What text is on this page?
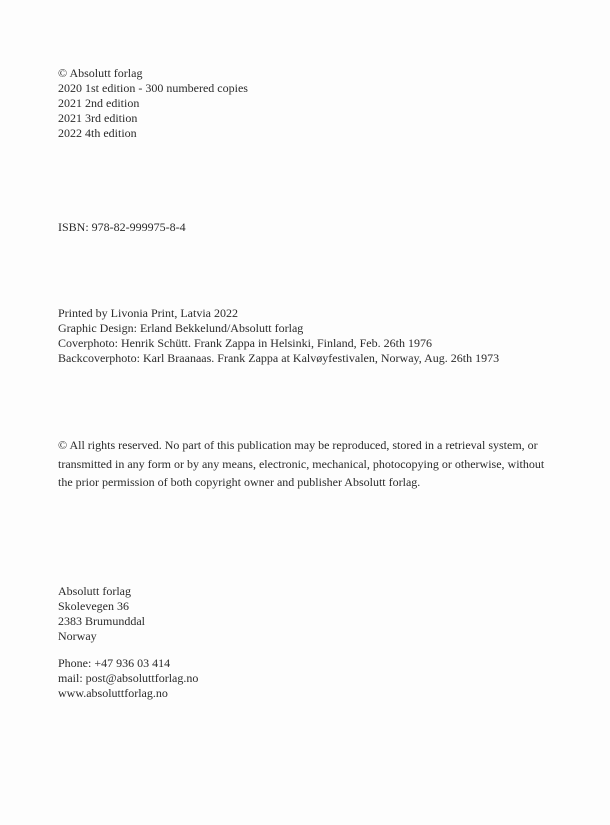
© Absolutt forlag
2020 1st edition - 300 numbered copies
2021 2nd edition
2021 3rd edition
2022 4th edition
ISBN: 978-82-999975-8-4
Printed by Livonia Print, Latvia 2022
Graphic Design: Erland Bekkelund/Absolutt forlag
Coverphoto: Henrik Schütt. Frank Zappa in Helsinki, Finland, Feb. 26th 1976
Backcoverphoto: Karl Braanaas. Frank Zappa at Kalvøyfestivalen, Norway, Aug. 26th 1973
© All rights reserved. No part of this publication may be reproduced, stored in a retrieval system, or
transmitted in any form or by any means, electronic, mechanical, photocopying or otherwise, without
the prior permission of both copyright owner and publisher Absolutt forlag.
Absolutt forlag
Skolevegen 36
2383 Brumunddal
Norway
Phone: +47 936 03 414
mail: post@absoluttforlag.no
www.absoluttforlag.no
